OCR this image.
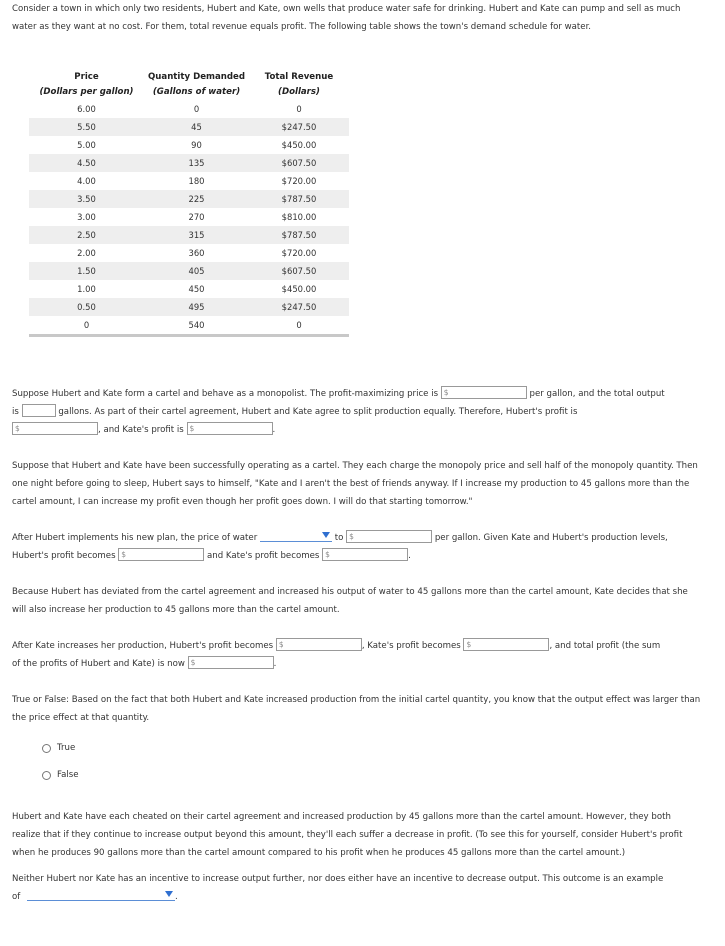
Consider a town in which only two residents, Hubert and Kate, own wells that produce water safe for drinking. Hubert and Kate can pump and sell as much water as they want at no cost. For them, total revenue equals profit. The following table shows the town's demand schedule for water.
Price	Quantity Demanded	Total Revenue
(Dollars per gallon)	(Gallons of water)	(Dollars)
6.00	0	0
5.50	45	$247.50
5.00	90	$450.00
4.50	135	$607.50
4.00	180	$720.00
3.50	225	$787.50
3.00	270	$810.00
2.50	315	$787.50
2.00	360	$720.00
1.50	405	$607.50
1.00	450	$450.00
0.50	495	$247.50
0	540	0
Suppose Hubert and Kate form a cartel and behave as a monopolist. The profit-maximizing price is $	per gallon, and the total output
is	gallons. As part of their cartel agreement, Hubert and Kate agree to split production equally. Therefore, Hubert's profit is
$	, and Kate's profit is $	.
Suppose that Hubert and Kate have been successfully operating as a cartel. They each charge the monopoly price and sell half of the monopoly quantity. Then one night before going to sleep, Hubert says to himself, "Kate and I aren't the best of friends anyway. If I increase my production to 45 gallons more than the cartel amount, I can increase my profit even though her profit goes down. I will do that starting tomorrow."
After Hubert implements his new plan, the price of water	to $	per gallon. Given Kate and Hubert's production levels,
Hubert's profit becomes $	and Kate's profit becomes $	.
Because Hubert has deviated from the cartel agreement and increased his output of water to 45 gallons more than the cartel amount, Kate decides that she will also increase her production to 45 gallons more than the cartel amount.
After Kate increases her production, Hubert's profit becomes $	, Kate's profit becomes $	, and total profit (the sum
of the profits of Hubert and Kate) is now $	.
True or False: Based on the fact that both Hubert and Kate increased production from the initial cartel quantity, you know that the output effect was larger than the price effect at that quantity.
True
False
Hubert and Kate have each cheated on their cartel agreement and increased production by 45 gallons more than the cartel amount. However, they both realize that if they continue to increase output beyond this amount, they'll each suffer a decrease in profit. (To see this for yourself, consider Hubert's profit when he produces 90 gallons more than the cartel amount compared to his profit when he produces 45 gallons more than the cartel amount.)
Neither Hubert nor Kate has an incentive to increase output further, nor does either have an incentive to decrease output. This outcome is an example
of	.
